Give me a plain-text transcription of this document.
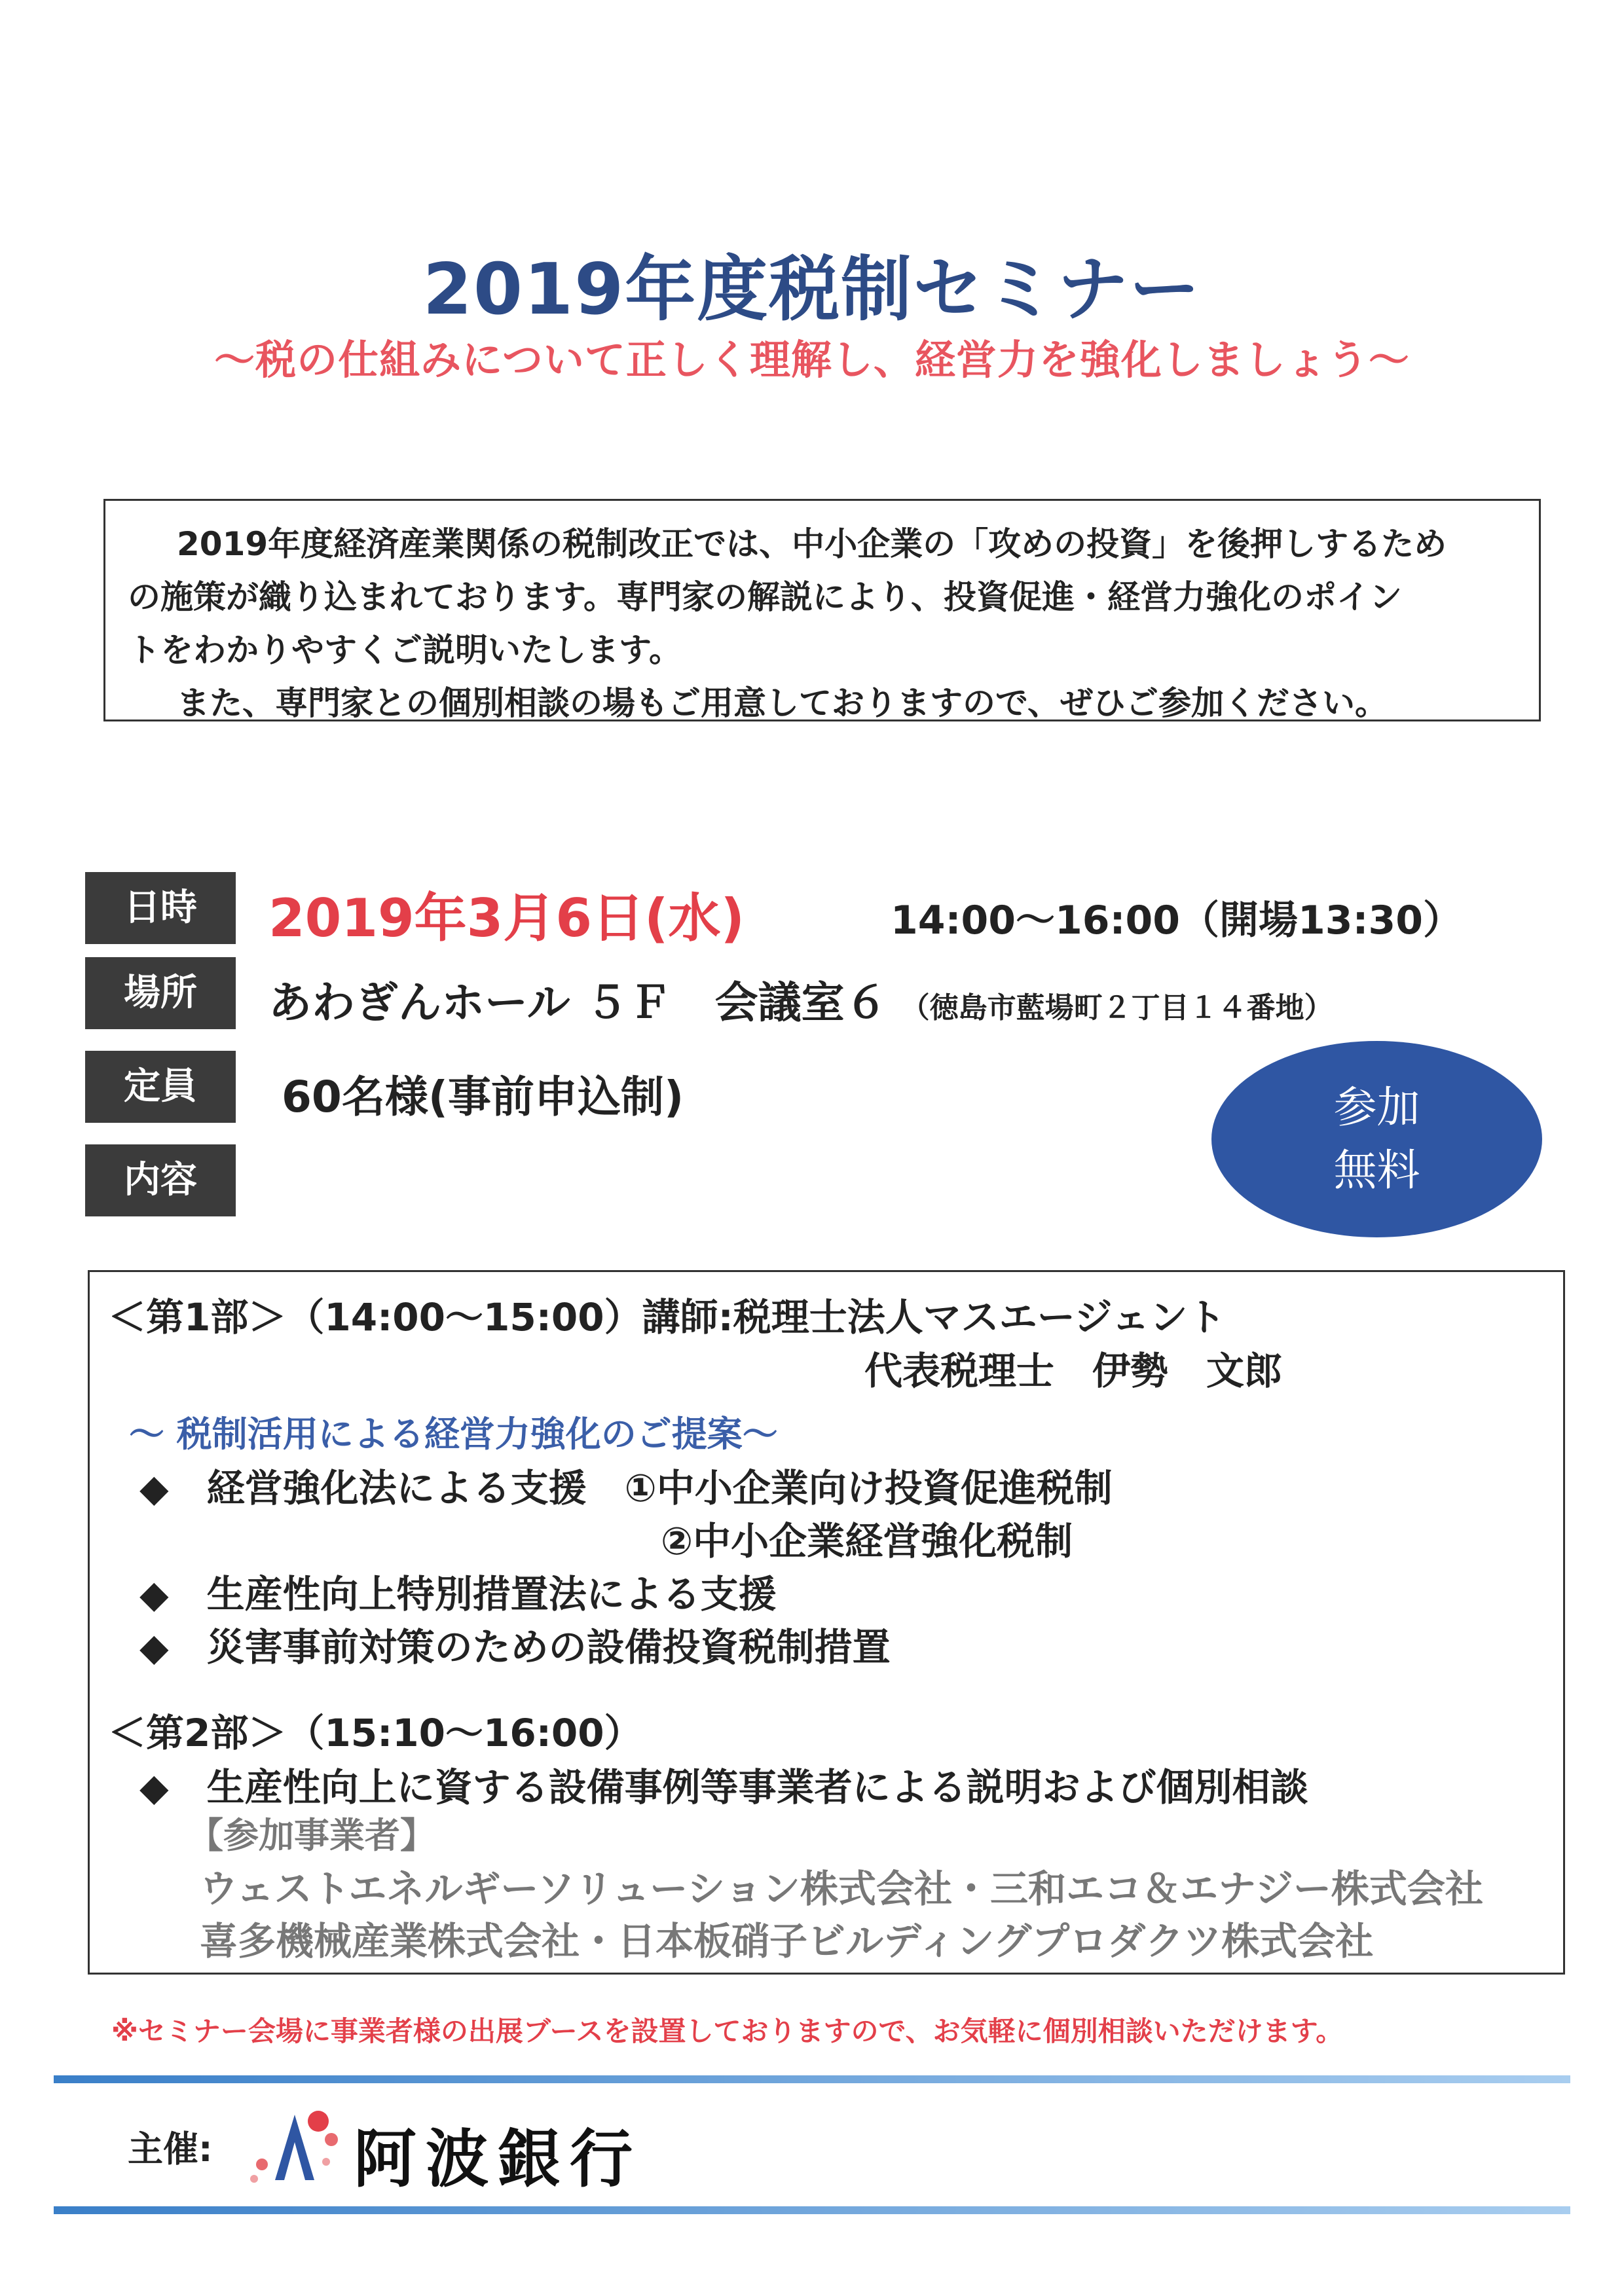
2019年度税制セミナー
～税の仕組みについて正しく理解し、経営力を強化しましょう～

2019年度経済産業関係の税制改正では、中小企業の「攻めの投資」を後押しするため

の施策が織り込まれております。専門家の解説により、投資促進・経営力強化のポイン

トをわかりやすくご説明いたします。

また、専門家との個別相談の場もご用意しておりますので、ぜひご参加ください。

日時
場所
定員
内容
2019年3月6日(水)	14:00～16:00（開場13:30）
あわぎんホール ５Ｆ　会議室６ （徳島市藍場町２丁目１４番地）
60名様(事前申込制)	参加
無料
＜第1部＞（14:00～15:00）講師:税理士法人マスエージェント
代表税理士　伊勢　文郎
～ 税制活用による経営力強化のご提案～
◆　経営強化法による支援　①中小企業向け投資促進税制
②中小企業経営強化税制
◆　生産性向上特別措置法による支援
◆　災害事前対策のための設備投資税制措置
＜第2部＞（15:10～16:00）
◆　生産性向上に資する設備事例等事業者による説明および個別相談
【参加事業者】
ウェストエネルギーソリューション株式会社・三和エコ＆エナジー株式会社
喜多機械産業株式会社・日本板硝子ビルディングプロダクツ株式会社
※セミナー会場に事業者様の出展ブースを設置しておりますので、お気軽に個別相談いただけます。
主催: 阿波銀行
